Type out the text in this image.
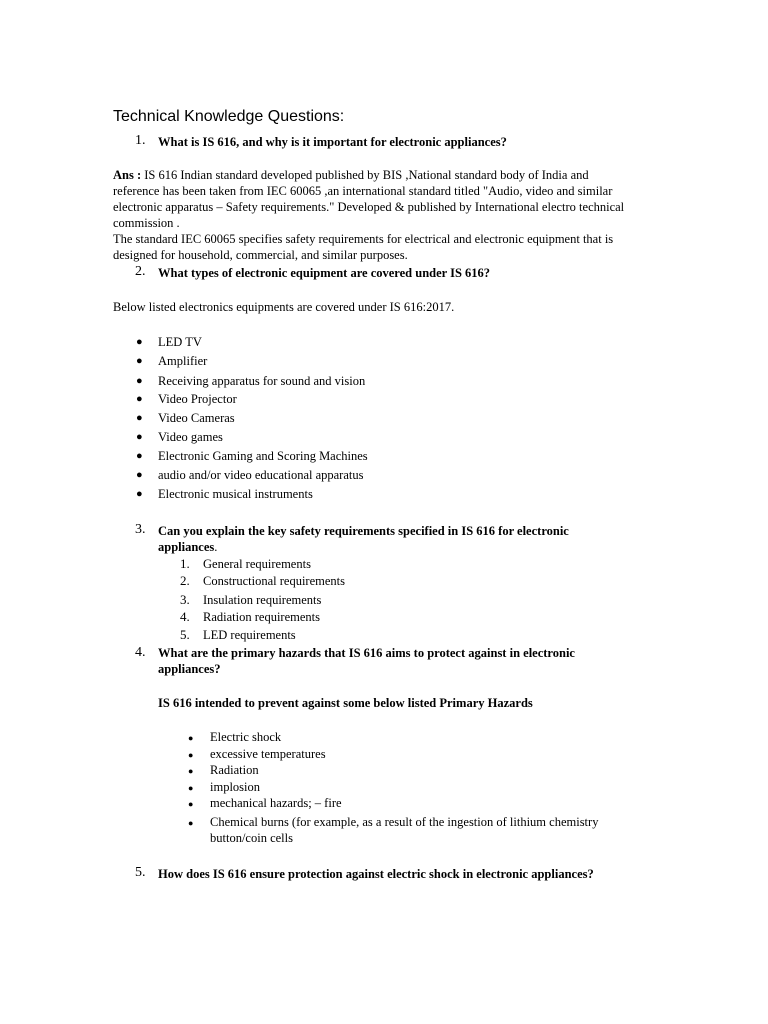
Technical Knowledge Questions:
1. What is IS 616, and why is it important for electronic appliances?
Ans : IS 616 Indian standard developed published by BIS ,National standard body of India and
reference has been taken from IEC 60065 ,an international standard titled "Audio, video and similar
electronic apparatus – Safety requirements." Developed & published by International electro technical
commission .
The standard IEC 60065 specifies safety requirements for electrical and electronic equipment that is
designed for household, commercial, and similar purposes.
2. What types of electronic equipment are covered under IS 616?
Below listed electronics equipments are covered under IS 616:2017.
● LED TV
● Amplifier
● Receiving apparatus for sound and vision
● Video Projector
● Video Cameras
● Video games
● Electronic Gaming and Scoring Machines
● audio and/or video educational apparatus
● Electronic musical instruments
3. Can you explain the key safety requirements specified in IS 616 for electronic
appliances.
1. General requirements
2. Constructional requirements
3. Insulation requirements
4. Radiation requirements
5. LED requirements
4. What are the primary hazards that IS 616 aims to protect against in electronic
appliances?
IS 616 intended to prevent against some below listed Primary Hazards
● Electric shock
● excessive temperatures
● Radiation
● implosion
● mechanical hazards; – fire
● Chemical burns (for example, as a result of the ingestion of lithium chemistry
button/coin cells
5. How does IS 616 ensure protection against electric shock in electronic appliances?
